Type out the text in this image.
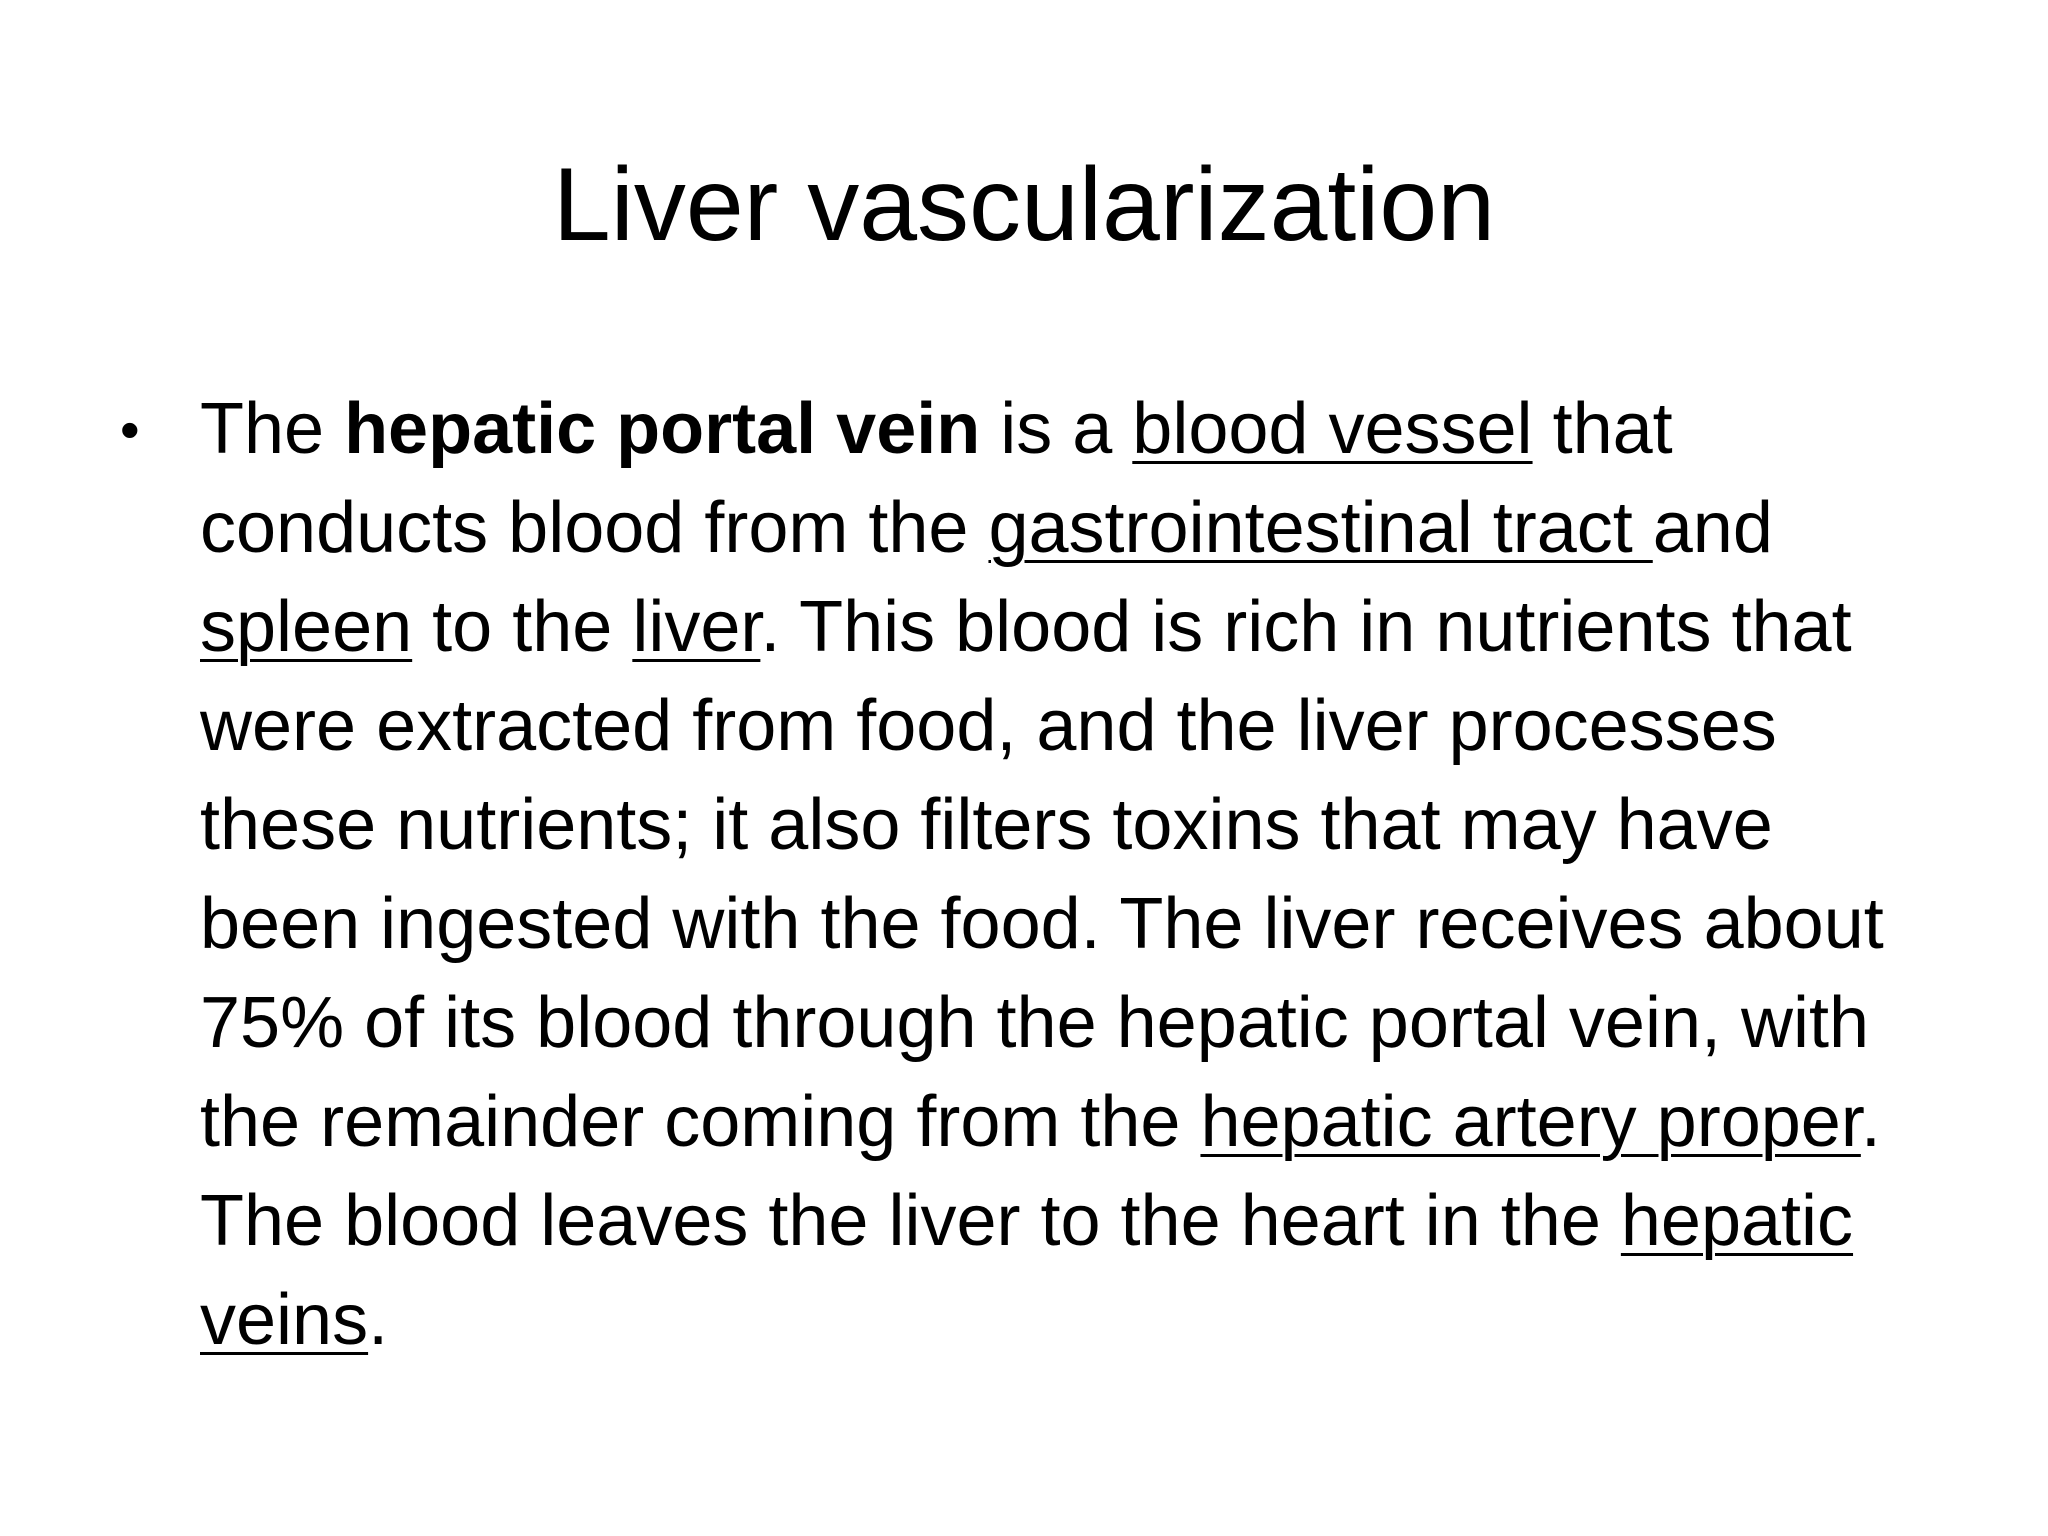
Liver vascularization
• The hepatic portal vein is a blood vessel that conducts blood from the gastrointestinal tract and spleen to the liver. This blood is rich in nutrients that were extracted from food, and the liver processes these nutrients; it also filters toxins that may have been ingested with the food. The liver receives about 75% of its blood through the hepatic portal vein, with the remainder coming from the hepatic artery proper. The blood leaves the liver to the heart in the hepatic veins.
